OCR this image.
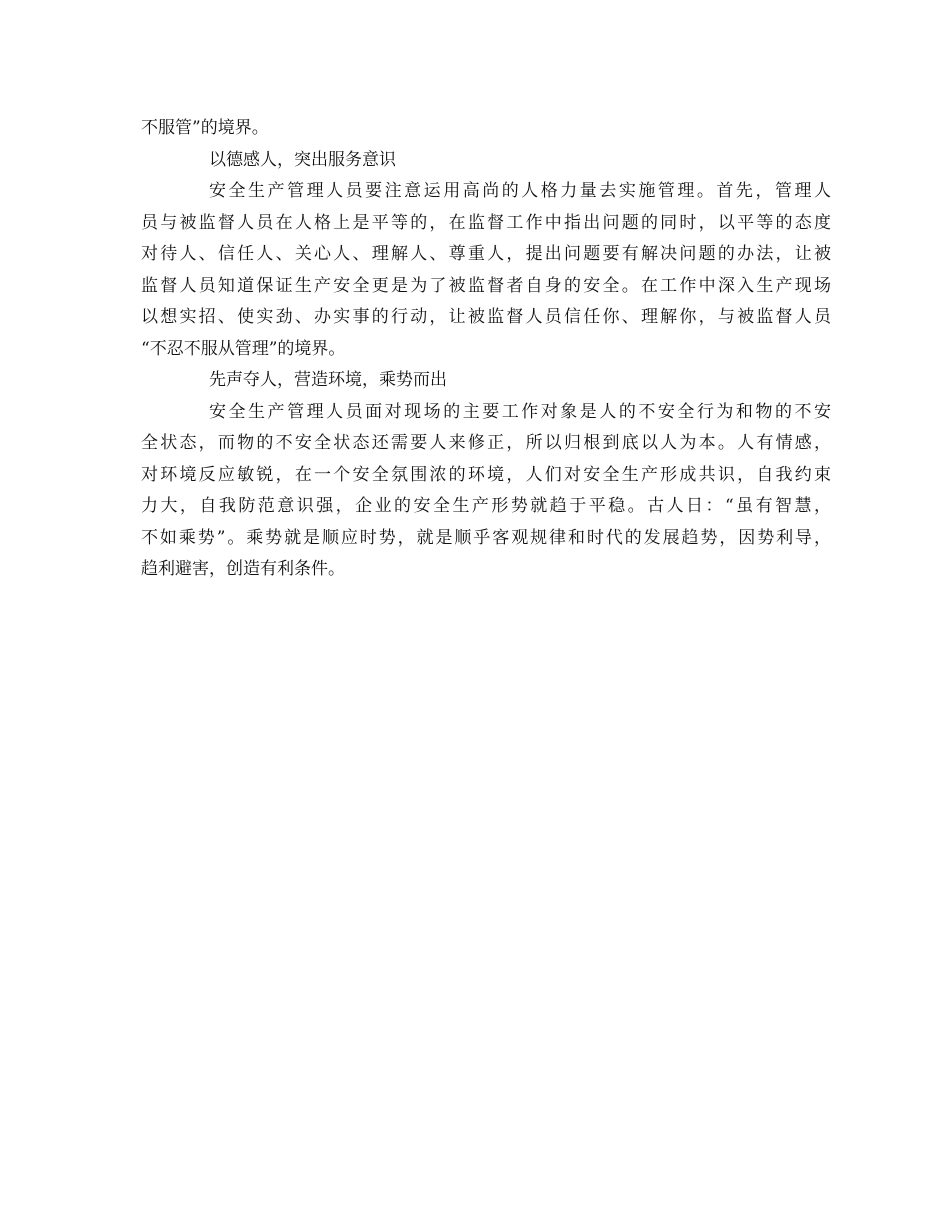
不服管”的境界。
以德感人，突出服务意识
安全生产管理人员要注意运用高尚的人格力量去实施管理。首先，管理人
员与被监督人员在人格上是平等的，在监督工作中指出问题的同时，以平等的态度
对待人、信任人、关心人、理解人、尊重人，提出问题要有解决问题的办法，让被
监督人员知道保证生产安全更是为了被监督者自身的安全。在工作中深入生产现场
以想实招、使实劲、办实事的行动，让被监督人员信任你、理解你，与被监督人员
“不忍不服从管理”的境界。
先声夺人，营造环境，乘势而出
安全生产管理人员面对现场的主要工作对象是人的不安全行为和物的不安
全状态，而物的不安全状态还需要人来修正，所以归根到底以人为本。人有情感，
对环境反应敏锐，在一个安全氛围浓的环境，人们对安全生产形成共识，自我约束
力大，自我防范意识强，企业的安全生产形势就趋于平稳。古人日：“虽有智慧，
不如乘势”。乘势就是顺应时势，就是顺乎客观规律和时代的发展趋势，因势利导，
趋利避害，创造有利条件。
